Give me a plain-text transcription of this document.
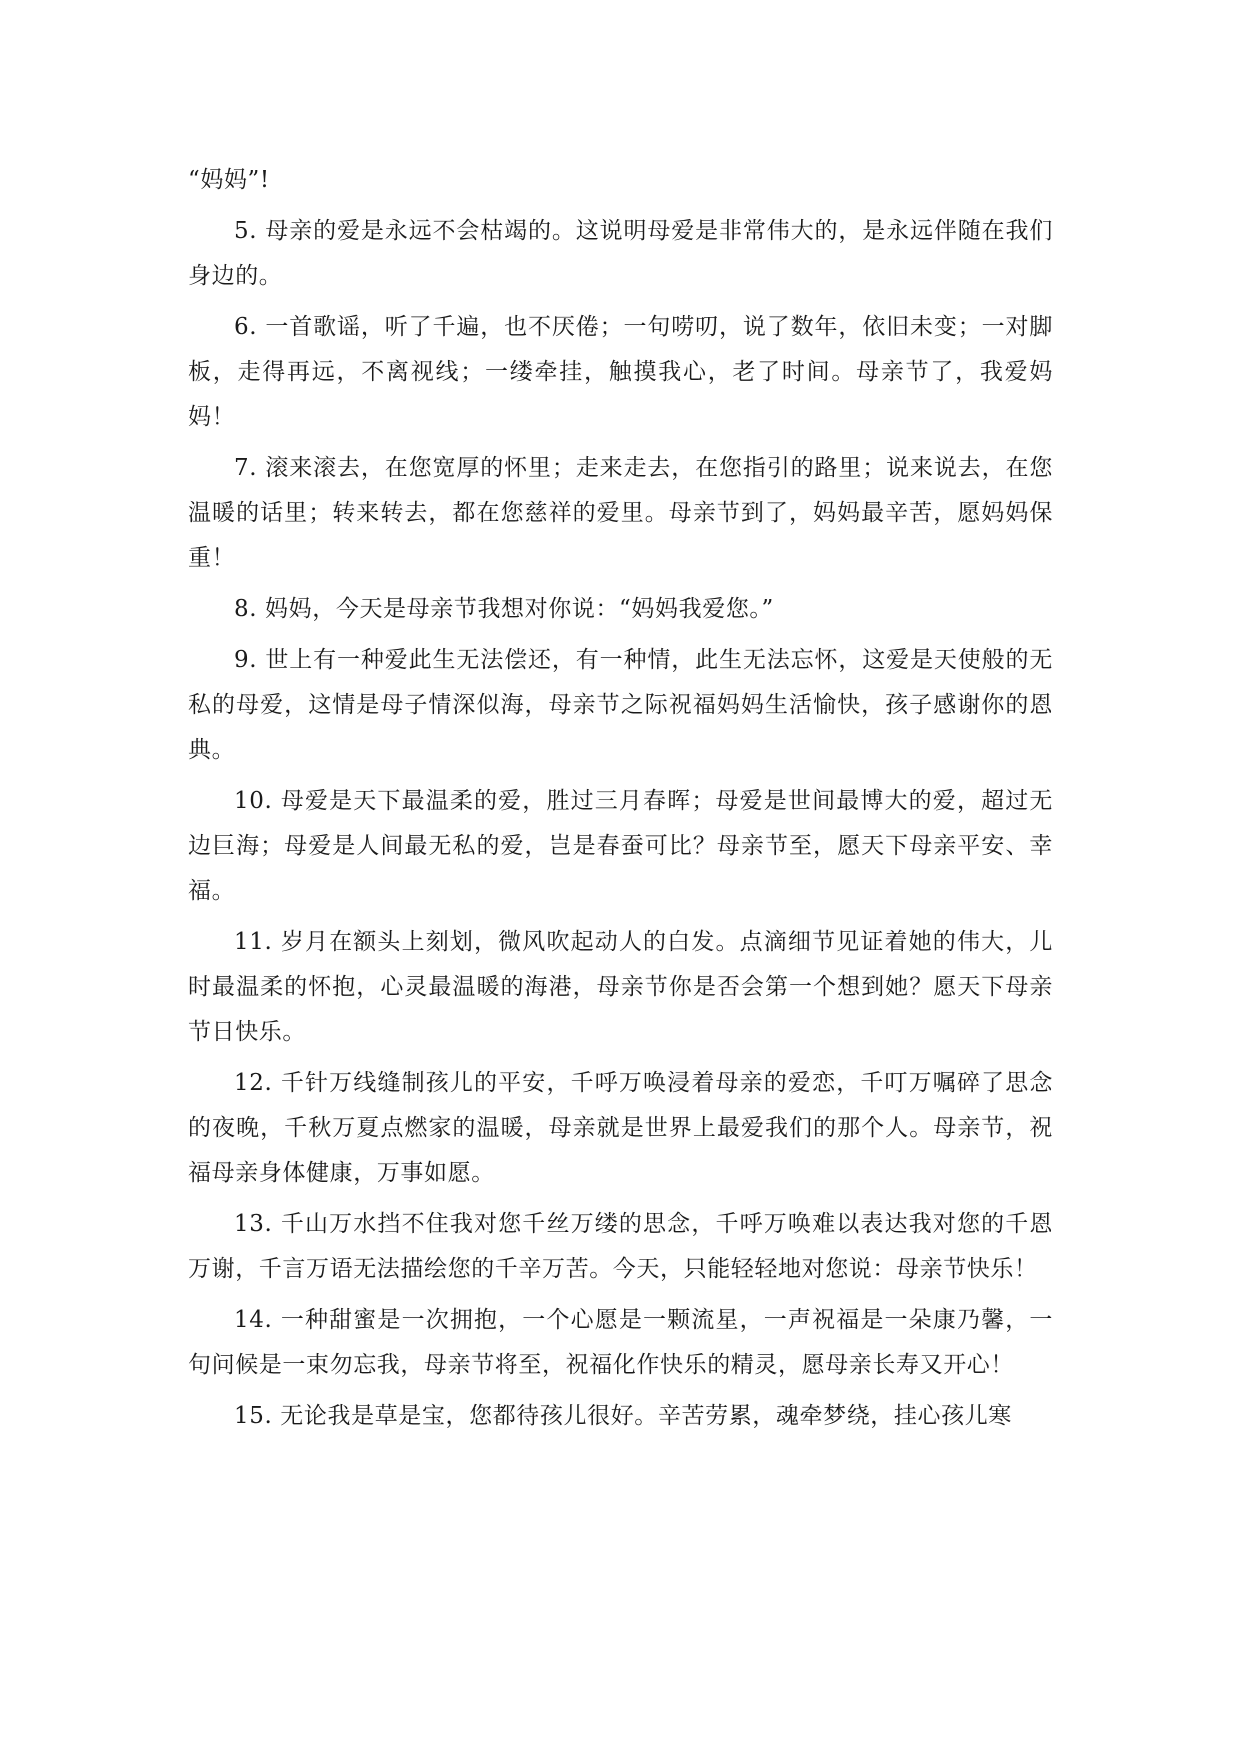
“妈妈”!

5. 母亲的爱是永远不会枯竭的。这说明母爱是非常伟大的，是永远伴随在我们身边的。

6. 一首歌谣，听了千遍，也不厌倦；一句唠叨，说了数年，依旧未变；一对脚板，走得再远，不离视线；一缕牵挂，触摸我心，老了时间。母亲节了，我爱妈妈！

7. 滚来滚去，在您宽厚的怀里；走来走去，在您指引的路里；说来说去，在您温暖的话里；转来转去，都在您慈祥的爱里。母亲节到了，妈妈最辛苦，愿妈妈保重！

8. 妈妈，今天是母亲节我想对你说：“妈妈我爱您。”

9. 世上有一种爱此生无法偿还，有一种情，此生无法忘怀，这爱是天使般的无私的母爱，这情是母子情深似海，母亲节之际祝福妈妈生活愉快，孩子感谢你的恩典。

10. 母爱是天下最温柔的爱，胜过三月春晖；母爱是世间最博大的爱，超过无边巨海；母爱是人间最无私的爱，岂是春蚕可比？母亲节至，愿天下母亲平安、幸福。

11. 岁月在额头上刻划，微风吹起动人的白发。点滴细节见证着她的伟大，儿时最温柔的怀抱，心灵最温暖的海港，母亲节你是否会第一个想到她？愿天下母亲节日快乐。

12. 千针万线缝制孩儿的平安，千呼万唤浸着母亲的爱恋，千叮万嘱碎了思念的夜晚，千秋万夏点燃家的温暖，母亲就是世界上最爱我们的那个人。母亲节，祝福母亲身体健康，万事如愿。

13. 千山万水挡不住我对您千丝万缕的思念，千呼万唤难以表达我对您的千恩万谢，千言万语无法描绘您的千辛万苦。今天，只能轻轻地对您说：母亲节快乐！

14. 一种甜蜜是一次拥抱，一个心愿是一颗流星，一声祝福是一朵康乃馨，一句问候是一束勿忘我，母亲节将至，祝福化作快乐的精灵，愿母亲长寿又开心！

15. 无论我是草是宝，您都待孩儿很好。辛苦劳累，魂牵梦绕，挂心孩儿寒
